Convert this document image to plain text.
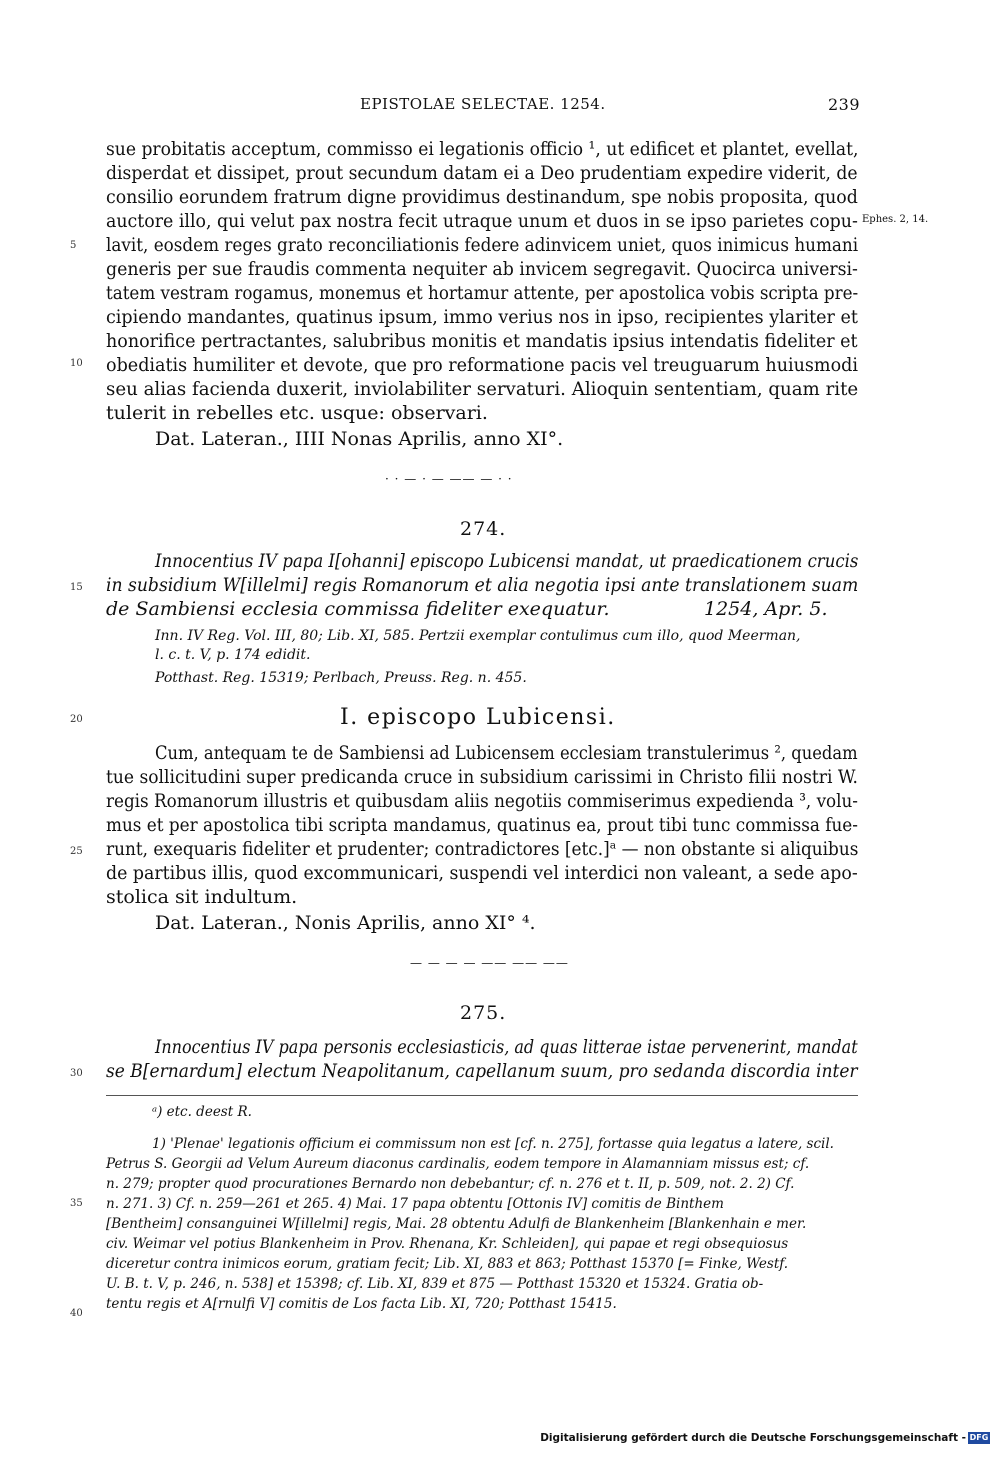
EPISTOLAE SELECTAE. 1254.	239
sue probitatis acceptum, commisso ei legationis officio ¹, ut edificet et plantet, evellat,
disperdat et dissipet, prout secundum datam ei a Deo prudentiam expedire viderit, de
consilio eorundem fratrum digne providimus destinandum, spe nobis proposita, quod
auctore illo, qui velut pax nostra fecit utraque unum et duos in se ipso parietes copu-
lavit, eosdem reges grato reconciliationis federe adinvicem uniet, quos inimicus humani
generis per sue fraudis commenta nequiter ab invicem segregavit. Quocirca universi-
tatem vestram rogamus, monemus et hortamur attente, per apostolica vobis scripta pre-
cipiendo mandantes, quatinus ipsum, immo verius nos in ipso, recipientes ylariter et
honorifice pertractantes, salubribus monitis et mandatis ipsius intendatis fideliter et
obediatis humiliter et devote, que pro reformatione pacis vel treuguarum huiusmodi
seu alias facienda duxerit, inviolabiliter servaturi. Alioquin sententiam, quam rite
tulerit in rebelles etc. usque: observari.
Dat. Lateran., IIII Nonas Aprilis, anno XI°.
Ephes. 2, 14.
· · — · — —— — · ·
274.
Innocentius IV papa I[ohanni] episcopo Lubicensi mandat, ut praedicationem crucis
in subsidium W[illelmi] regis Romanorum et alia negotia ipsi ante translationem suam
de Sambiensi ecclesia commissa fideliter exequatur.	1254, Apr. 5.
Inn. IV Reg. Vol. III, 80; Lib. XI, 585. Pertzii exemplar contulimus cum illo, quod Meerman,
l. c. t. V, p. 174 edidit.
Potthast. Reg. 15319; Perlbach, Preuss. Reg. n. 455.
I. episcopo Lubicensi.
Cum, antequam te de Sambiensi ad Lubicensem ecclesiam transtulerimus ², quedam
tue sollicitudini super predicanda cruce in subsidium carissimi in Christo filii nostri W.
regis Romanorum illustris et quibusdam aliis negotiis commiserimus expedienda ³, volu-
mus et per apostolica tibi scripta mandamus, quatinus ea, prout tibi tunc commissa fue-
runt, exequaris fideliter et prudenter; contradictores [etc.]ᵃ — non obstante si aliquibus
de partibus illis, quod excommunicari, suspendi vel interdici non valeant, a sede apo-
stolica sit indultum.
Dat. Lateran., Nonis Aprilis, anno XI° ⁴.
— — — — —— —— ——
275.
Innocentius IV papa personis ecclesiasticis, ad quas litterae istae pervenerint, mandat
se B[ernardum] electum Neapolitanum, capellanum suum, pro sedanda discordia inter
5
10
15
20
25
30
35
40
ᵃ) etc. deest R.
1) 'Plenae' legationis officium ei commissum non est [cf. n. 275], fortasse quia legatus a latere, scil.
Petrus S. Georgii ad Velum Aureum diaconus cardinalis, eodem tempore in Alamanniam missus est; cf.
n. 279; propter quod procurationes Bernardo non debebantur; cf. n. 276 et t. II, p. 509, not. 2. 2) Cf.
n. 271. 3) Cf. n. 259—261 et 265. 4) Mai. 17 papa obtentu [Ottonis IV] comitis de Binthem
[Bentheim] consanguinei W[illelmi] regis, Mai. 28 obtentu Adulfi de Blankenheim [Blankenhain e mer.
civ. Weimar vel potius Blankenheim in Prov. Rhenana, Kr. Schleiden], qui papae et regi obsequiosus
diceretur contra inimicos eorum, gratiam fecit; Lib. XI, 883 et 863; Potthast 15370 [= Finke, Westf.
U. B. t. V, p. 246, n. 538] et 15398; cf. Lib. XI, 839 et 875 — Potthast 15320 et 15324. Gratia ob-
tentu regis et A[rnulfi V] comitis de Los facta Lib. XI, 720; Potthast 15415.
Digitalisierung gefördert durch die Deutsche Forschungsgemeinschaft - DFG
